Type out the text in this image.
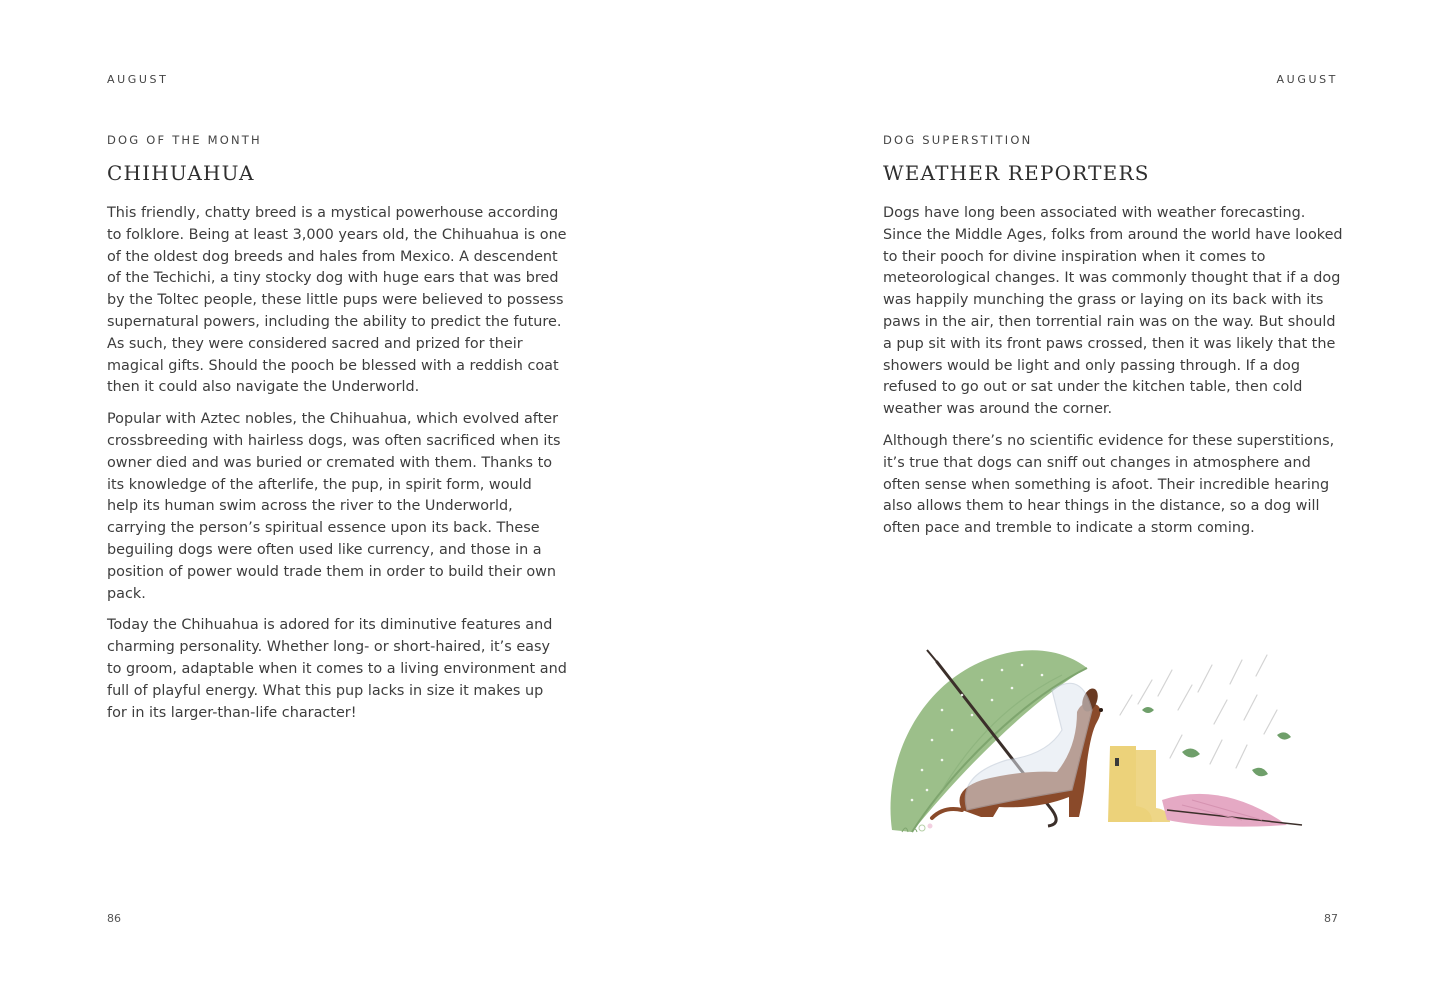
AUGUST
DOG OF THE MONTH
CHIHUAHUA

This friendly, chatty breed is a mystical powerhouse according to folklore. Being at least 3,000 years old, the Chihuahua is one of the oldest dog breeds and hales from Mexico. A descendent of the Techichi, a tiny stocky dog with huge ears that was bred by the Toltec people, these little pups were believed to possess supernatural powers, including the ability to predict the future. As such, they were considered sacred and prized for their magical gifts. Should the pooch be blessed with a reddish coat then it could also navigate the Underworld.

Popular with Aztec nobles, the Chihuahua, which evolved after crossbreeding with hairless dogs, was often sacrificed when its owner died and was buried or cremated with them. Thanks to its knowledge of the afterlife, the pup, in spirit form, would help its human swim across the river to the Underworld, carrying the person’s spiritual essence upon its back. These beguiling dogs were often used like currency, and those in a position of power would trade them in order to build their own pack.

Today the Chihuahua is adored for its diminutive features and charming personality. Whether long- or short-haired, it’s easy to groom, adaptable when it comes to a living environment and full of playful energy. What this pup lacks in size it makes up for in its larger-than-life character!

86
AUGUST
DOG SUPERSTITION
WEATHER REPORTERS

Dogs have long been associated with weather forecasting. Since the Middle Ages, folks from around the world have looked to their pooch for divine inspiration when it comes to meteorological changes. It was commonly thought that if a dog was happily munching the grass or laying on its back with its paws in the air, then torrential rain was on the way. But should a pup sit with its front paws crossed, then it was likely that the showers would be light and only passing through. If a dog refused to go out or sat under the kitchen table, then cold weather was around the corner.

Although there’s no scientific evidence for these superstitions, it’s true that dogs can sniff out changes in atmosphere and often sense when something is afoot. Their incredible hearing also allows them to hear things in the distance, so a dog will often pace and tremble to indicate a storm coming.

87
